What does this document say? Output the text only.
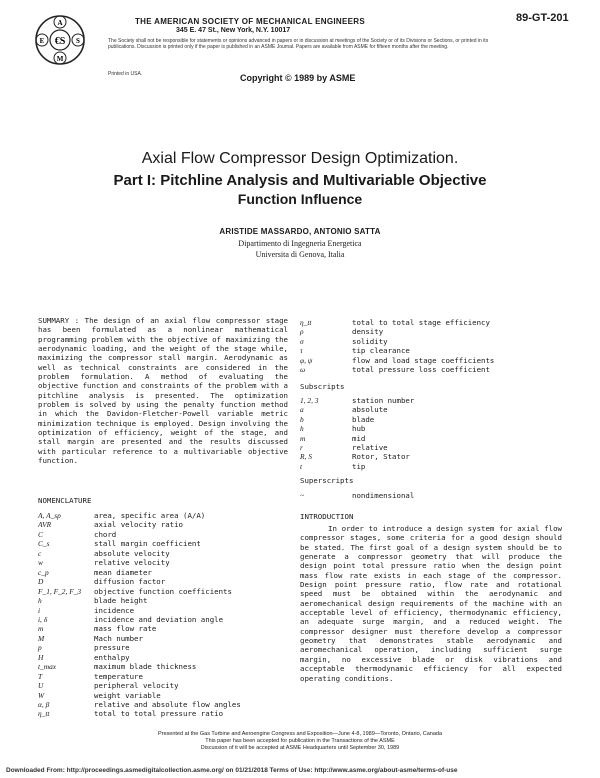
A
S
M
E €S
THE AMERICAN SOCIETY OF MECHANICAL ENGINEERS
345 E. 47 St., New York, N.Y. 10017
89-GT-201
The Society shall not be responsible for statements or opinions advanced in papers or in discussion at meetings of the Society or of its Divisions or Sections, or printed in its publications. Discussion is printed only if the paper is published in an ASME Journal. Papers are available from ASME for fifteen months after the meeting.
Printed in USA.	Copyright © 1989 by ASME
Axial Flow Compressor Design Optimization.
Part I: Pitchline Analysis and Multivariable Objective
Function Influence
ARISTIDE MASSARDO, ANTONIO SATTA
Dipartimento di Ingegneria Energetica
Universita di Genova, Italia
SUMMARY : The design of an axial flow compressor stage has been formulated as a nonlinear mathematical programming problem with the objective of maximizing the aerodynamic loading, and the weight of the stage while, maximizing the compressor stall margin. Aerodynamic as well as technical constraints are considered in the problem formulation. A method of evaluating the objective function and constraints of the problem with a pitchline analysis is presented. The optimization problem is solved by using the penalty function method in which the Davidon-Fletcher-Powell variable metric minimization technique is employed. Design involving the optimization of efficiency, weight of the stage, and stall margin are presented and the results discussed with particular reference to a multivariable objective function.
NOMENCLATURE
A, A_sp	area, specific area (A/A)
AVR	axial velocity ratio
C	chord
C_s	stall margin coefficient
c	absolute velocity
w	relative velocity
c_p	mean diameter
D	diffusion factor
F_1, F_2, F_3	objective function coefficients
h	blade height
i	incidence
i, δ	incidence and deviation angle
m	mass flow rate
M	Mach number
p	pressure
H	enthalpy
t_max	maximum blade thickness
T	temperature
U	peripheral velocity
W	weight variable
α, β	relative and absolute flow angles
η_tt	total to total pressure ratio
η_tt	total to total stage efficiency
ρ	density
σ	solidity
τ	tip clearance
φ, ψ	flow and load stage coefficients
ω	total pressure loss coefficient
Subscripts
1, 2, 3	station number
a	absolute
b	blade
h	hub
m	mid
r	relative
R, S	Rotor, Stator
t	tip
Superscripts
~	nondimensional
INTRODUCTION
In order to introduce a design system for axial flow compressor stages, some criteria for a good design should be stated. The first goal of a design system should be to generate a compressor geometry that will produce the design point total pressure ratio when the design point mass flow rate exists in each stage of the compressor. Design point pressure ratio, flow rate and rotational speed must be obtained within the aerodynamic and aeromechanical design requirements of the machine with an acceptable level of efficiency, thermodynamic efficiency, an adequate surge margin, and a reduced weight. The compressor designer must therefore develop a compressor geometry that demonstrates stable aerodynamic and aeromechanical operation, including sufficient surge margin, no excessive blade or disk vibrations and acceptable thermodynamic efficiency for all expected operating conditions.
Presented at the Gas Turbine and Aeroengine Congress and Exposition—June 4-8, 1989—Toronto, Ontario, Canada
This paper has been accepted for publication in the Transactions of the ASME
Discussion of it will be accepted at ASME Headquarters until September 30, 1989
Downloaded From: http://proceedings.asmedigitalcollection.asme.org/ on 01/21/2018 Terms of Use: http://www.asme.org/about-asme/terms-of-use
